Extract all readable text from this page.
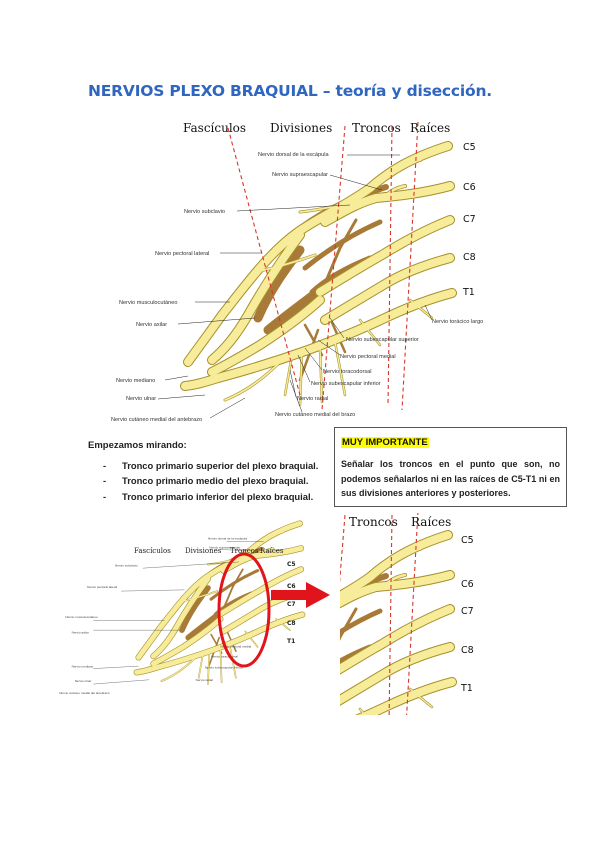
NERVIOS PLEXO BRAQUIAL – teoría y disección.
Fascículos Divisiones Troncos Raíces
C5
C6
C7
C8
T1
Nervio dorsal de la escápula
Nervio supraescapular
Nervio subclavio
Nervio pectoral lateral
Nervio musculocutáneo
Nervio axilar
Nervio mediano
Nervio ulnar
Nervio cutáneo medial del antebrazo
Nervio torácico largo
Nervio subescapular superior
Nervio pectoral medial
Nervio toracodorsal
Nervio subescapular inferior
Nervio radial
Nervio cutáneo medial del brazo
Nervio dorsal de la escápula
Nervio supraescapular
Nervio subclavio
Nervio pectoral lateral
Nervio musculocutáneo
Nervio axilar
Nervio pectoral medial
Nervio toracodorsal
Nervio subescapular inferior
Nervio radial
Nervio mediano
Nervio ulnar
Nervio cutáneo medial del antebrazo
Fascículos Divisiones Troncos Raíces
C5
C6
C7
C8
T1
Troncos Raíces
C5
C6
C7
C8
T1

Empezamos mirando:

- Tronco primario superior del plexo braquial.
- Tronco primario medio del plexo braquial.
- Tronco primario inferior del plexo braquial.
MUY IMPORTANTE

Señalar los troncos en el punto que son, no podemos señalarlos ni en las raíces de C5-T1 ni en sus divisiones anteriores y posteriores.
